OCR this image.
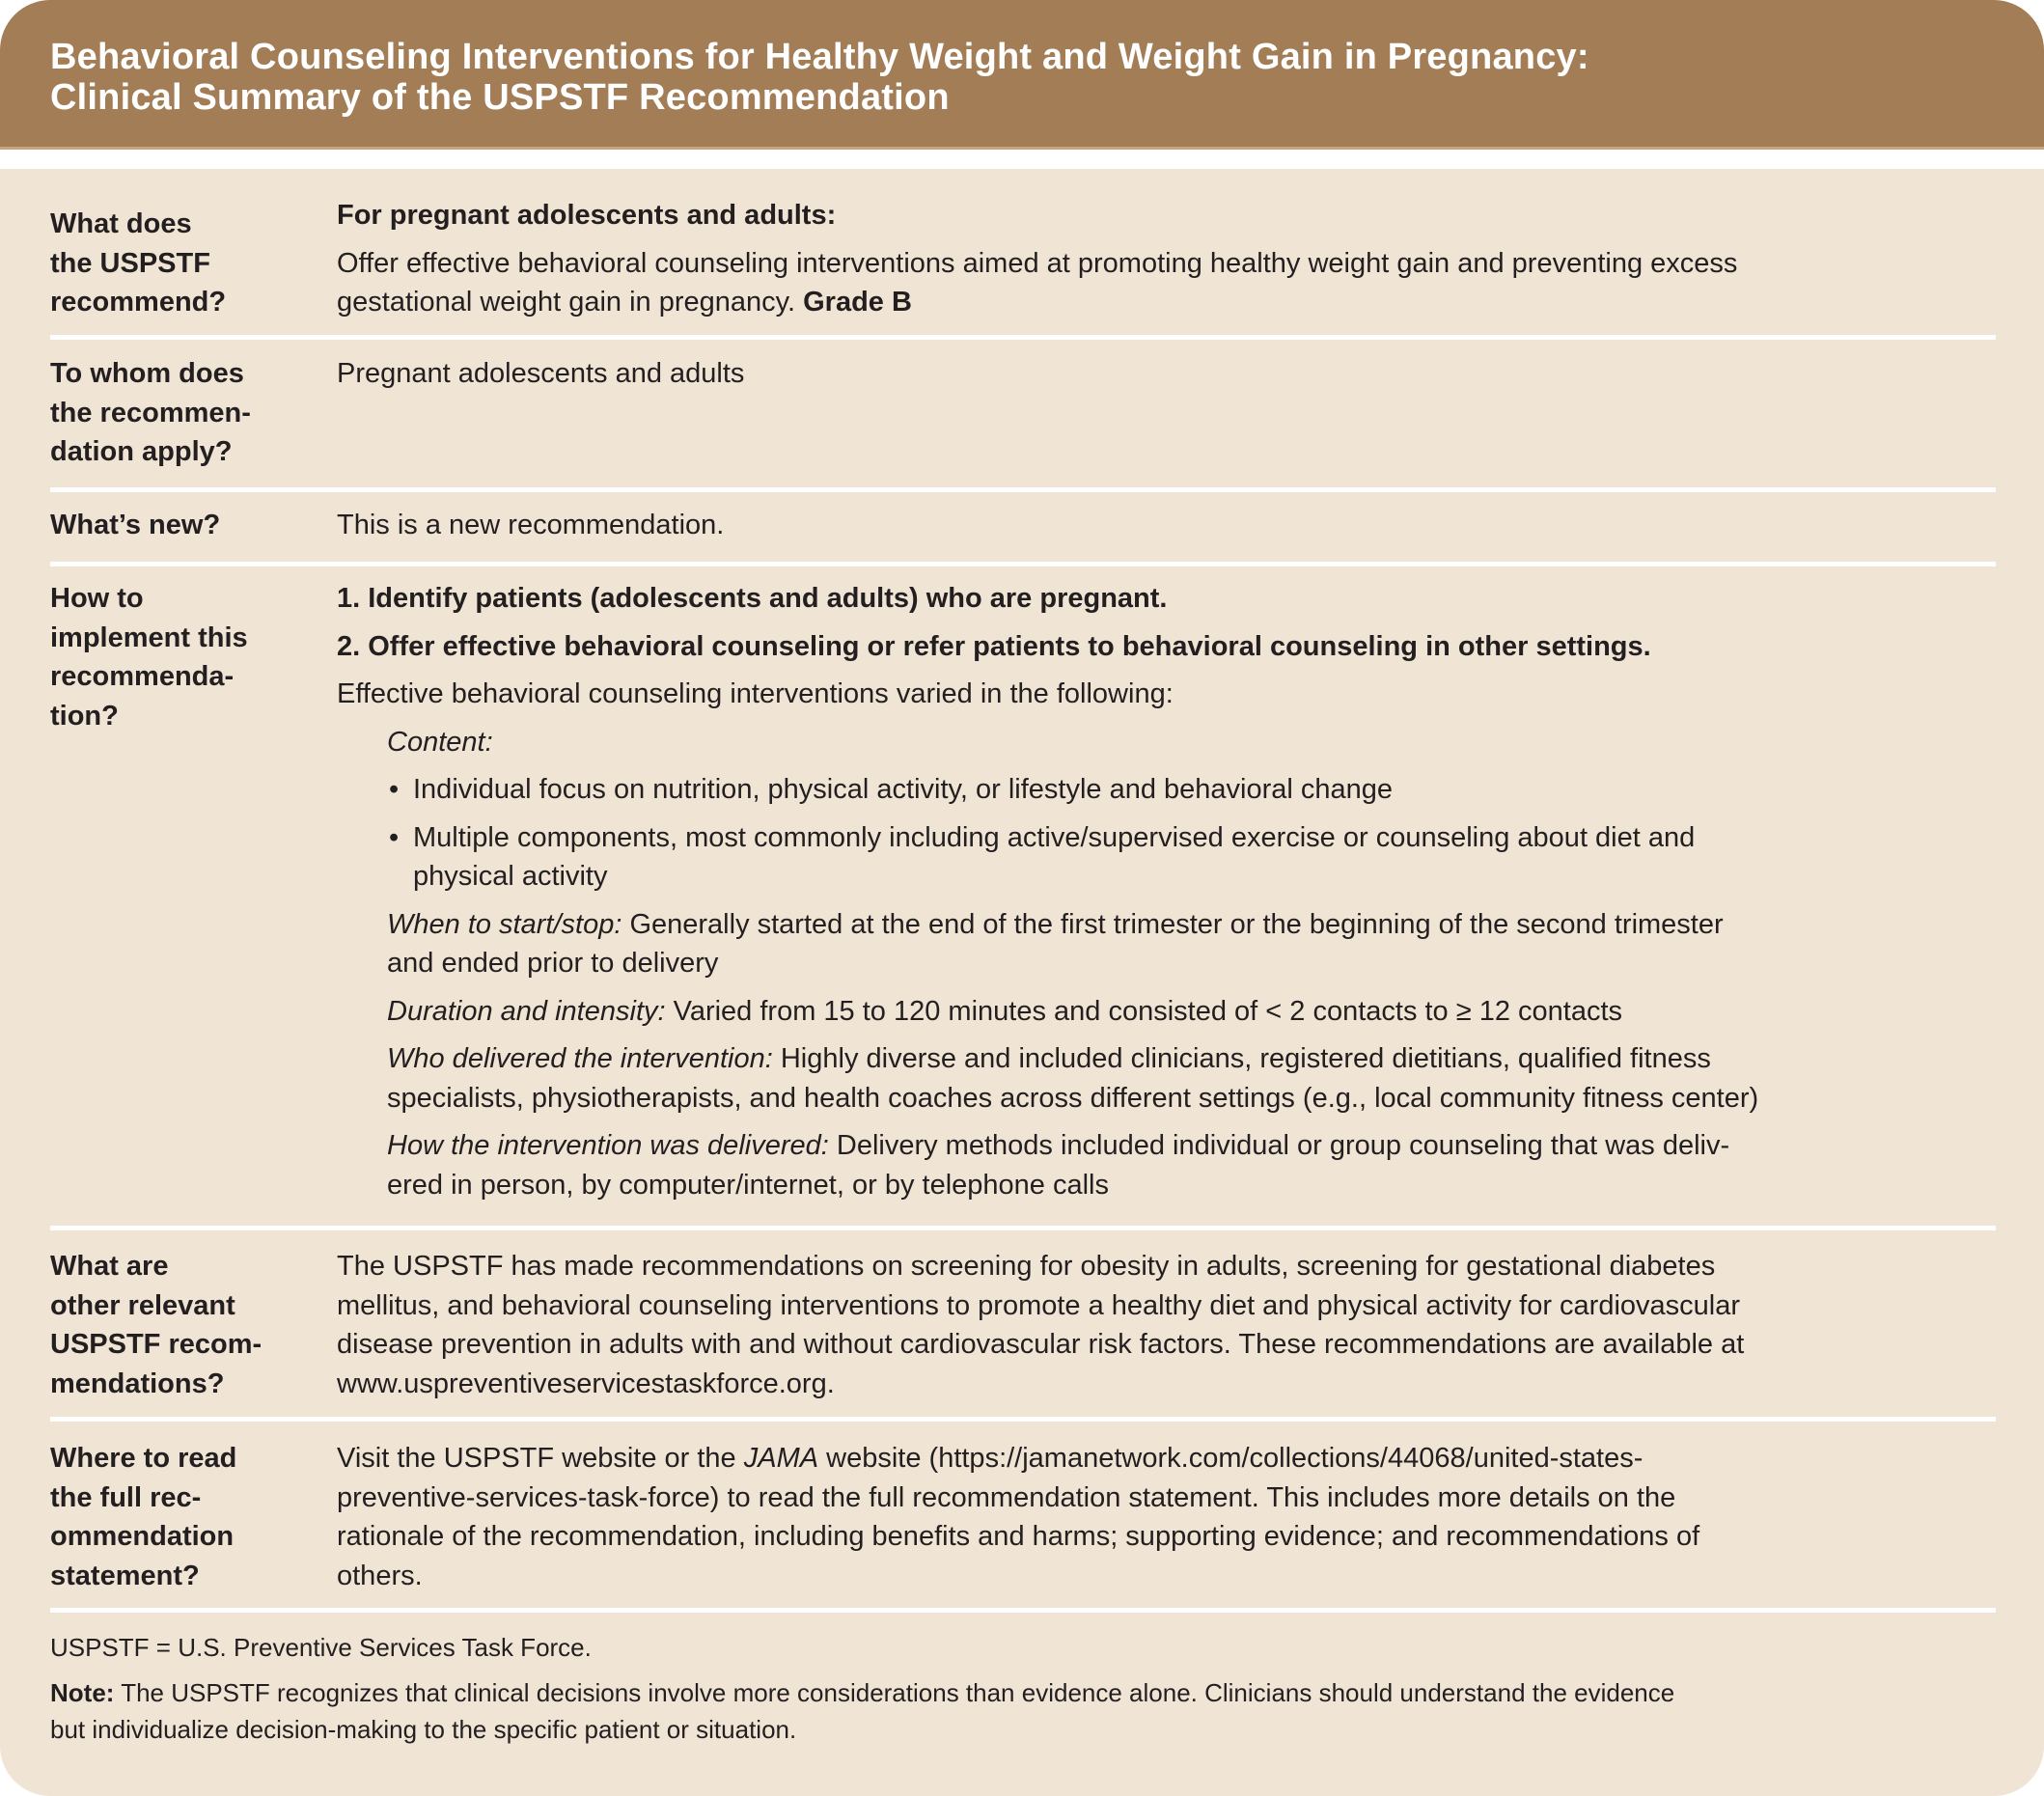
Behavioral Counseling Interventions for Healthy Weight and Weight Gain in Pregnancy:
Clinical Summary of the USPSTF Recommendation
What does
the USPSTF
recommend?
For pregnant adolescents and adults:
Offer effective behavioral counseling interventions aimed at promoting healthy weight gain and preventing excess
gestational weight gain in pregnancy. Grade B
To whom does
the recommen-
dation apply?
Pregnant adolescents and adults
What’s new?	This is a new recommendation.
How to
implement this
recommenda-
tion?
1. Identify patients (adolescents and adults) who are pregnant.
2. Offer effective behavioral counseling or refer patients to behavioral counseling in other settings.
Effective behavioral counseling interventions varied in the following:
Content:
• Individual focus on nutrition, physical activity, or lifestyle and behavioral change
• Multiple components, most commonly including active/supervised exercise or counseling about diet and
physical activity
When to start/stop: Generally started at the end of the first trimester or the beginning of the second trimester
and ended prior to delivery
Duration and intensity: Varied from 15 to 120 minutes and consisted of < 2 contacts to ≥ 12 contacts
Who delivered the intervention: Highly diverse and included clinicians, registered dietitians, qualified fitness
specialists, physiotherapists, and health coaches across different settings (e.g., local community fitness center)
How the intervention was delivered: Delivery methods included individual or group counseling that was deliv-
ered in person, by computer/internet, or by telephone calls
What are
other relevant
USPSTF recom-
mendations?
The USPSTF has made recommendations on screening for obesity in adults, screening for gestational diabetes
mellitus, and behavioral counseling interventions to promote a healthy diet and physical activity for cardiovascular
disease prevention in adults with and without cardiovascular risk factors. These recommendations are available at
www.uspreventiveservicestaskforce.org.
Where to read
the full rec-
ommendation
statement?
Visit the USPSTF website or the JAMA website (https://jamanetwork.com/collections/44068/united-states-
preventive-services-task-force) to read the full recommendation statement. This includes more details on the
rationale of the recommendation, including benefits and harms; supporting evidence; and recommendations of
others.
USPSTF = U.S. Preventive Services Task Force.
Note: The USPSTF recognizes that clinical decisions involve more considerations than evidence alone. Clinicians should understand the evidence
but individualize decision-making to the specific patient or situation.
